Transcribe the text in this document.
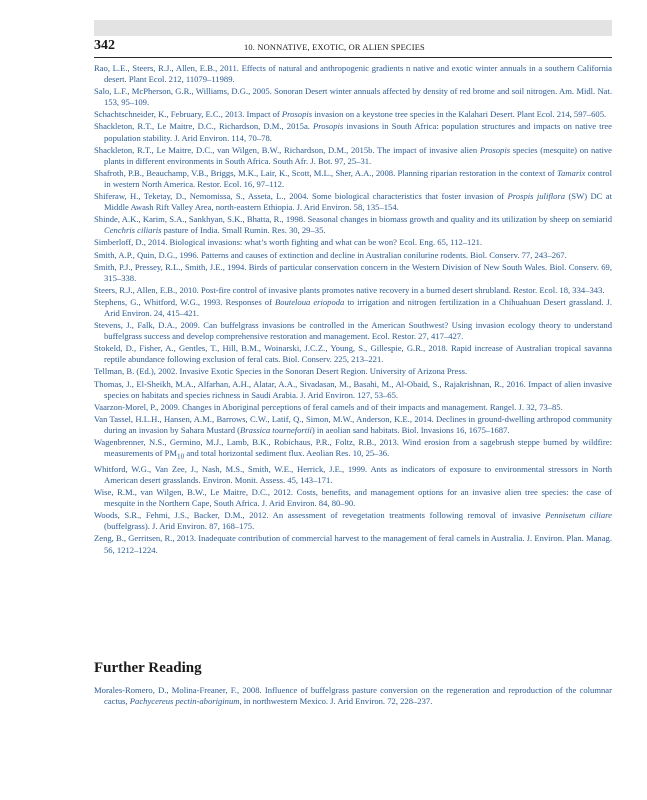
342	10. NONNATIVE, EXOTIC, OR ALIEN SPECIES
Rao, L.E., Steers, R.J., Allen, E.B., 2011. Effects of natural and anthropogenic gradients n native and exotic winter annuals in a southern California desert. Plant Ecol. 212, 11079–11989.
Salo, L.F., McPherson, G.R., Williams, D.G., 2005. Sonoran Desert winter annuals affected by density of red brome and soil nitrogen. Am. Midl. Nat. 153, 95–109.
Schachtschneider, K., February, E.C., 2013. Impact of Prosopis invasion on a keystone tree species in the Kalahari Desert. Plant Ecol. 214, 597–605.
Shackleton, R.T., Le Maitre, D.C., Richardson, D.M., 2015a. Prosopis invasions in South Africa: population structures and impacts on native tree population stability. J. Arid Environ. 114, 70–78.
Shackleton, R.T., Le Maitre, D.C., van Wilgen, B.W., Richardson, D.M., 2015b. The impact of invasive alien Prosopis species (mesquite) on native plants in different environments in South Africa. South Afr. J. Bot. 97, 25–31.
Shafroth, P.B., Beauchamp, V.B., Briggs, M.K., Lair, K., Scott, M.L., Sher, A.A., 2008. Planning riparian restoration in the context of Tamarix control in western North America. Restor. Ecol. 16, 97–112.
Shiferaw, H., Teketay, D., Nemomissa, S., Asseta, L., 2004. Some biological characteristics that foster invasion of Prospis juliflora (SW) DC at Middle Awash Rift Valley Area, north-eastern Ethiopia. J. Arid Environ. 58, 135–154.
Shinde, A.K., Karim, S.A., Sankhyan, S.K., Bhatta, R., 1998. Seasonal changes in biomass growth and quality and its utilization by sheep on semiarid Cenchris ciliaris pasture of India. Small Rumin. Res. 30, 29–35.
Simberloff, D., 2014. Biological invasions: what’s worth fighting and what can be won? Ecol. Eng. 65, 112–121.
Smith, A.P., Quin, D.G., 1996. Patterns and causes of extinction and decline in Australian conilurine rodents. Biol. Conserv. 77, 243–267.
Smith, P.J., Pressey, R.L., Smith, J.E., 1994. Birds of particular conservation concern in the Western Division of New South Wales. Biol. Conserv. 69, 315–338.
Steers, R.J., Allen, E.B., 2010. Post-fire control of invasive plants promotes native recovery in a burned desert shrubland. Restor. Ecol. 18, 334–343.
Stephens, G., Whitford, W.G., 1993. Responses of Bouteloua eriopoda to irrigation and nitrogen fertilization in a Chihuahuan Desert grassland. J. Arid Environ. 24, 415–421.
Stevens, J., Falk, D.A., 2009. Can buffelgrass invasions be controlled in the American Southwest? Using invasion ecology theory to understand buffelgrass success and develop comprehensive restoration and management. Ecol. Restor. 27, 417–427.
Stokeld, D., Fisher, A., Gentles, T., Hill, B.M., Woinarski, J.C.Z., Young, S., Gillespie, G.R., 2018. Rapid increase of Australian tropical savanna reptile abundance following exclusion of feral cats. Biol. Conserv. 225, 213–221.
Tellman, B. (Ed.), 2002. Invasive Exotic Species in the Sonoran Desert Region. University of Arizona Press.
Thomas, J., El-Sheikh, M.A., Alfarhan, A.H., Alatar, A.A., Sivadasan, M., Basahi, M., Al-Obaid, S., Rajakrishnan, R., 2016. Impact of alien invasive species on habitats and species richness in Saudi Arabia. J. Arid Environ. 127, 53–65.
Vaarzon-Morel, P., 2009. Changes in Aboriginal perceptions of feral camels and of their impacts and management. Rangel. J. 32, 73–85.
Van Tassel, H.L.H., Hansen, A.M., Barrows, C.W., Latif, Q., Simon, M.W., Anderson, K.E., 2014. Declines in ground-dwelling arthropod community during an invasion by Sahara Mustard (Brassica tournefortii) in aeolian sand habitats. Biol. Invasions 16, 1675–1687.
Wagenbrenner, N.S., Germino, M.J., Lamb, B.K., Robichaus, P.R., Foltz, R.B., 2013. Wind erosion from a sagebrush steppe burned by wildfire: measurements of $PM_{10}$ and total horizontal sediment flux. Aeolian Res. 10, 25–36.
Whitford, W.G., Van Zee, J., Nash, M.S., Smith, W.E., Herrick, J.E., 1999. Ants as indicators of exposure to environmental stressors in North American desert grasslands. Environ. Monit. Assess. 45, 143–171.
Wise, R.M., van Wilgen, B.W., Le Maitre, D.C., 2012. Costs, benefits, and management options for an invasive alien tree species: the case of mesquite in the Northern Cape, South Africa. J. Arid Environ. 84, 80–90.
Woods, S.R., Fehmi, J.S., Backer, D.M., 2012. An assessment of revegetation treatments following removal of invasive Pennisetum ciliare (buffelgrass). J. Arid Environ. 87, 168–175.
Zeng, B., Gerritsen, R., 2013. Inadequate contribution of commercial harvest to the management of feral camels in Australia. J. Environ. Plan. Manag. 56, 1212–1224.
Further Reading
Morales-Romero, D., Molina-Freaner, F., 2008. Influence of buffelgrass pasture conversion on the regeneration and reproduction of the columnar cactus, Pachycereus pectin-aboriginum, in northwestern Mexico. J. Arid Environ. 72, 228–237.
